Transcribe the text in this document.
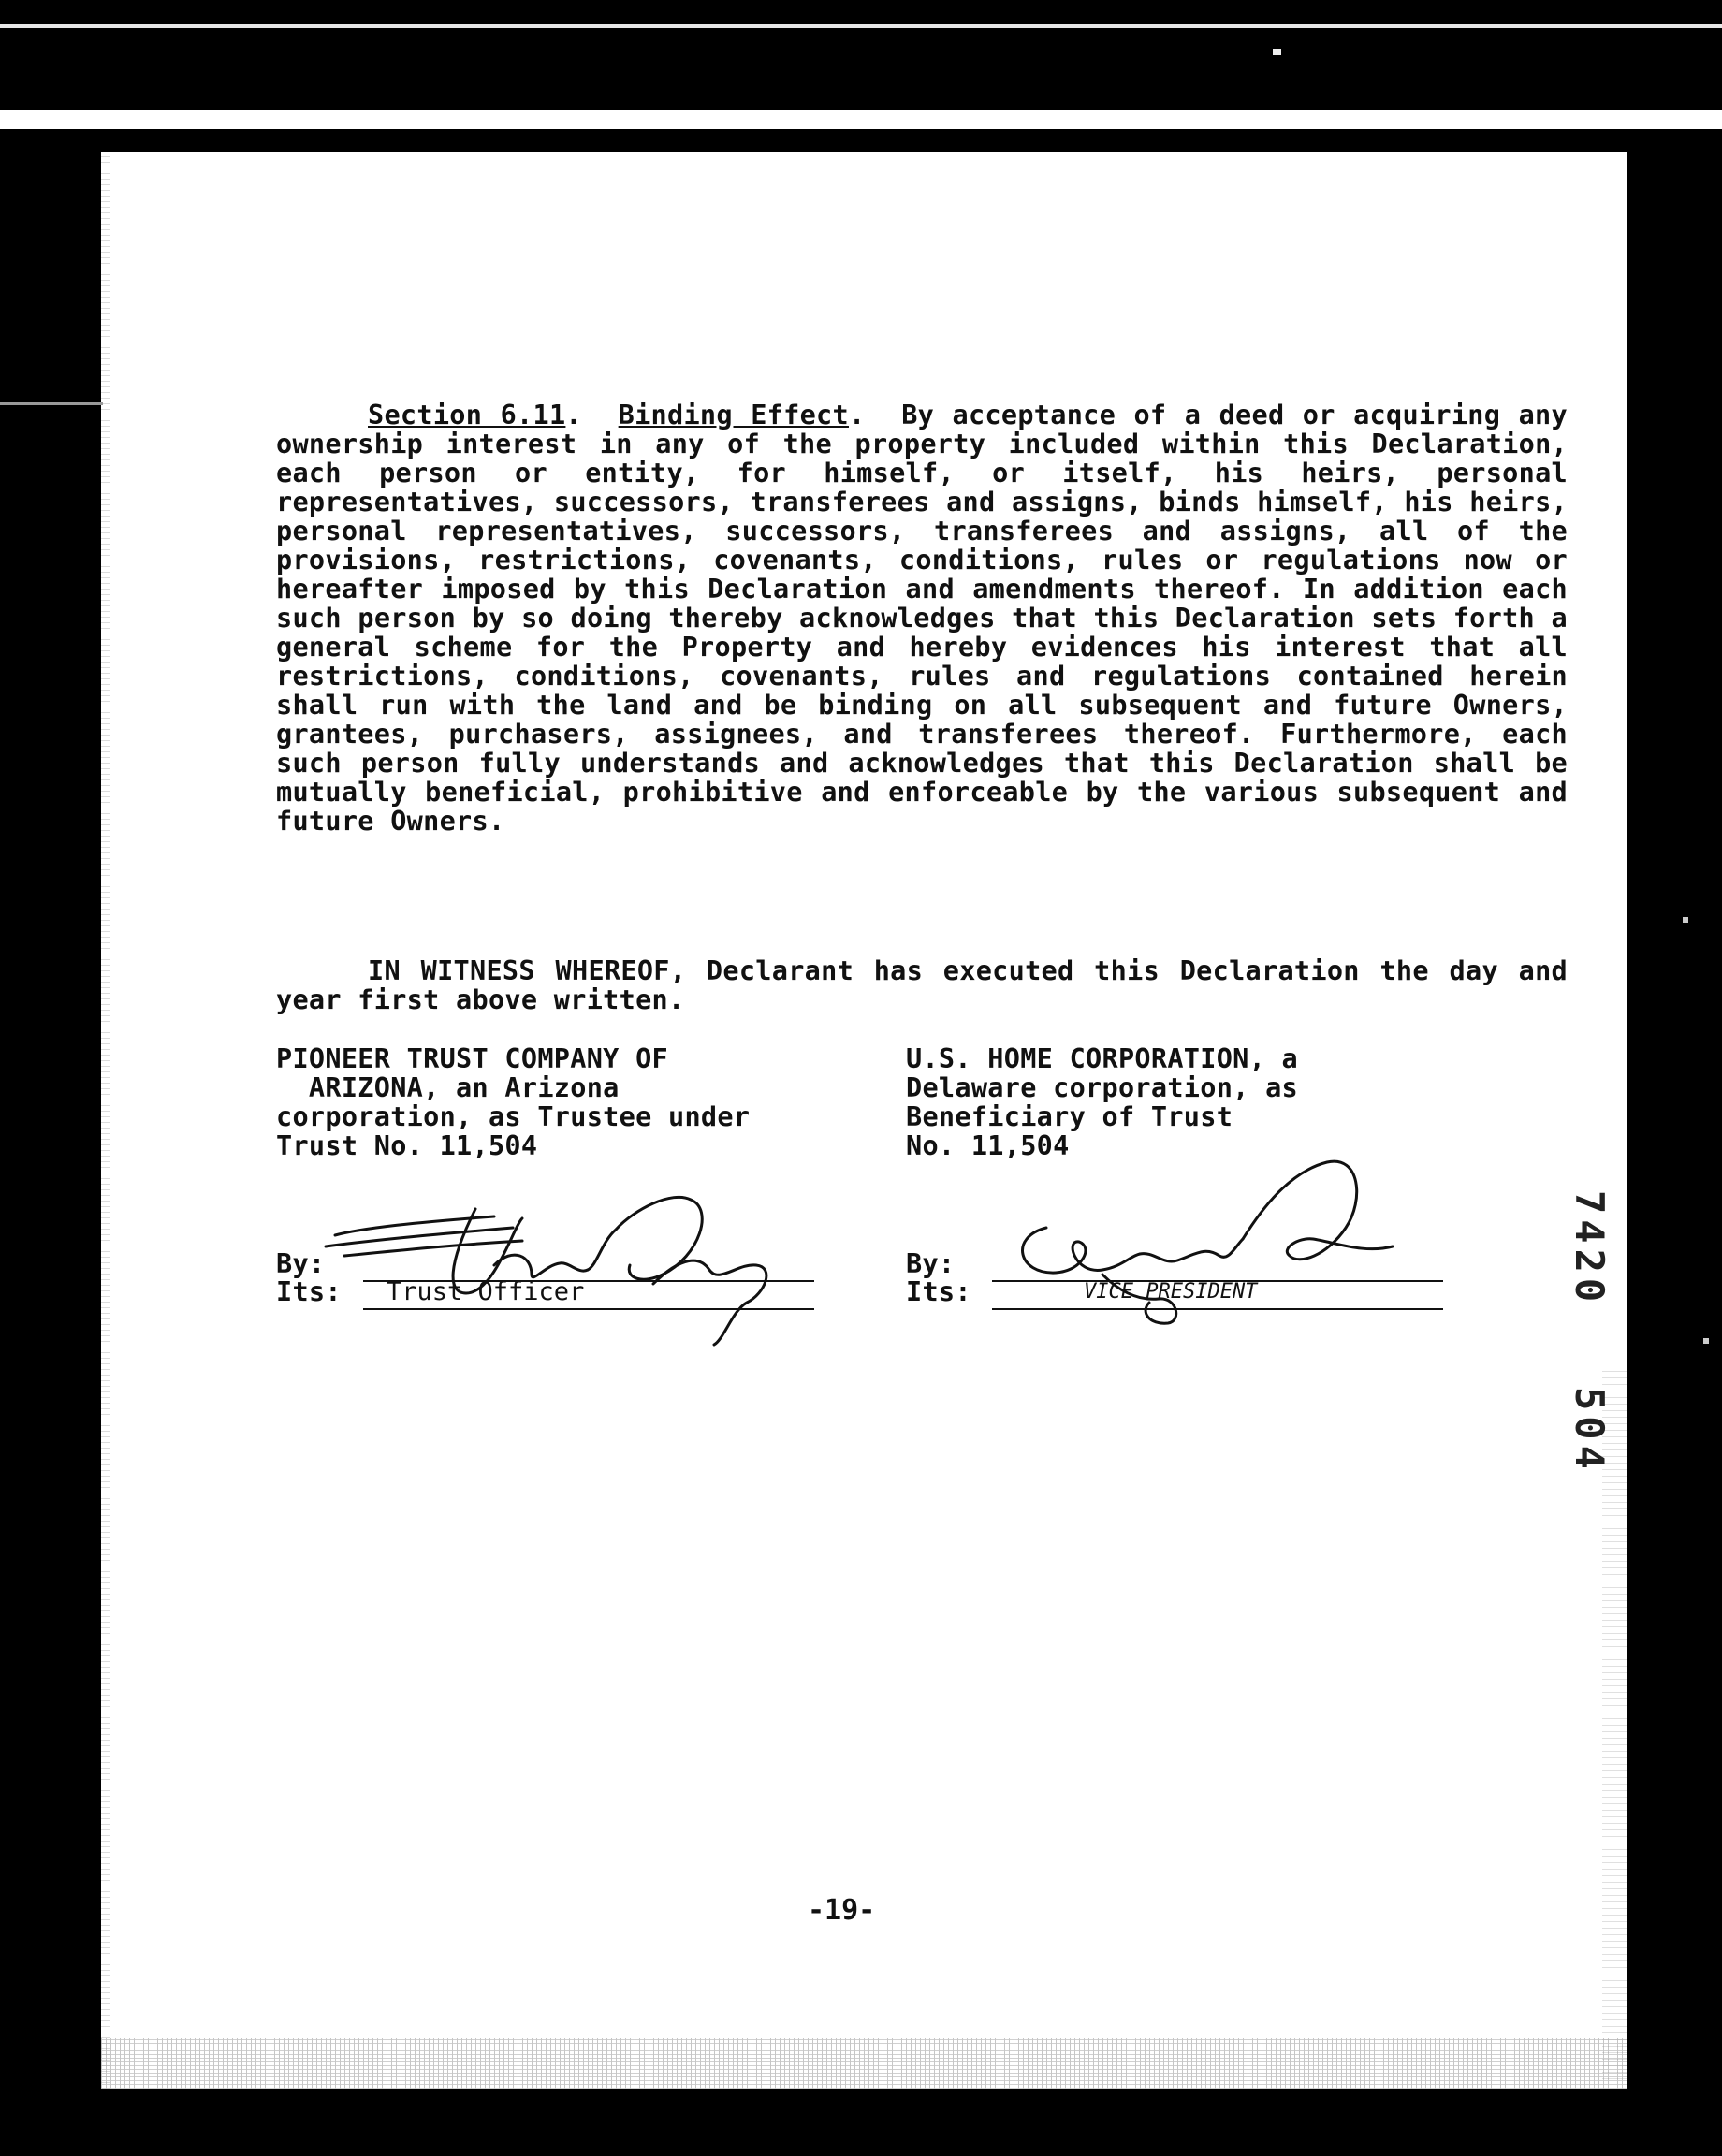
Section 6.11.  Binding Effect.  By acceptance of a deed or acquiring any ownership interest in any of the property included within this Declaration, each person or entity, for himself, or itself, his heirs, personal representatives, successors, transferees and assigns, binds himself, his heirs, personal representatives, successors, transferees and assigns, all of the provisions, restrictions, covenants, conditions, rules or regulations now or hereafter imposed by this Declaration and amendments thereof. In addition each such person by so doing thereby acknowledges that this Declaration sets forth a general scheme for the Property and hereby evidences his interest that all restrictions, conditions, covenants, rules and regulations contained herein shall run with the land and be binding on all subsequent and future Owners, grantees, purchasers, assignees, and transferees thereof. Furthermore, each such person fully understands and acknowledges that this Declaration shall be mutually beneficial, prohibitive and enforceable by the various subsequent and future Owners.

IN WITNESS WHEREOF, Declarant has executed this Declaration the day and year first above written.

PIONEER TRUST COMPANY OF
ARIZONA, an Arizona
corporation, as Trustee under
Trust No. 11,504
U.S. HOME CORPORATION, a
Delaware corporation, as
Beneficiary of Trust
No. 11,504
By:
Its: Trust Officer
By:
Its:	VICE PRESIDENT	7420
504
-19-
